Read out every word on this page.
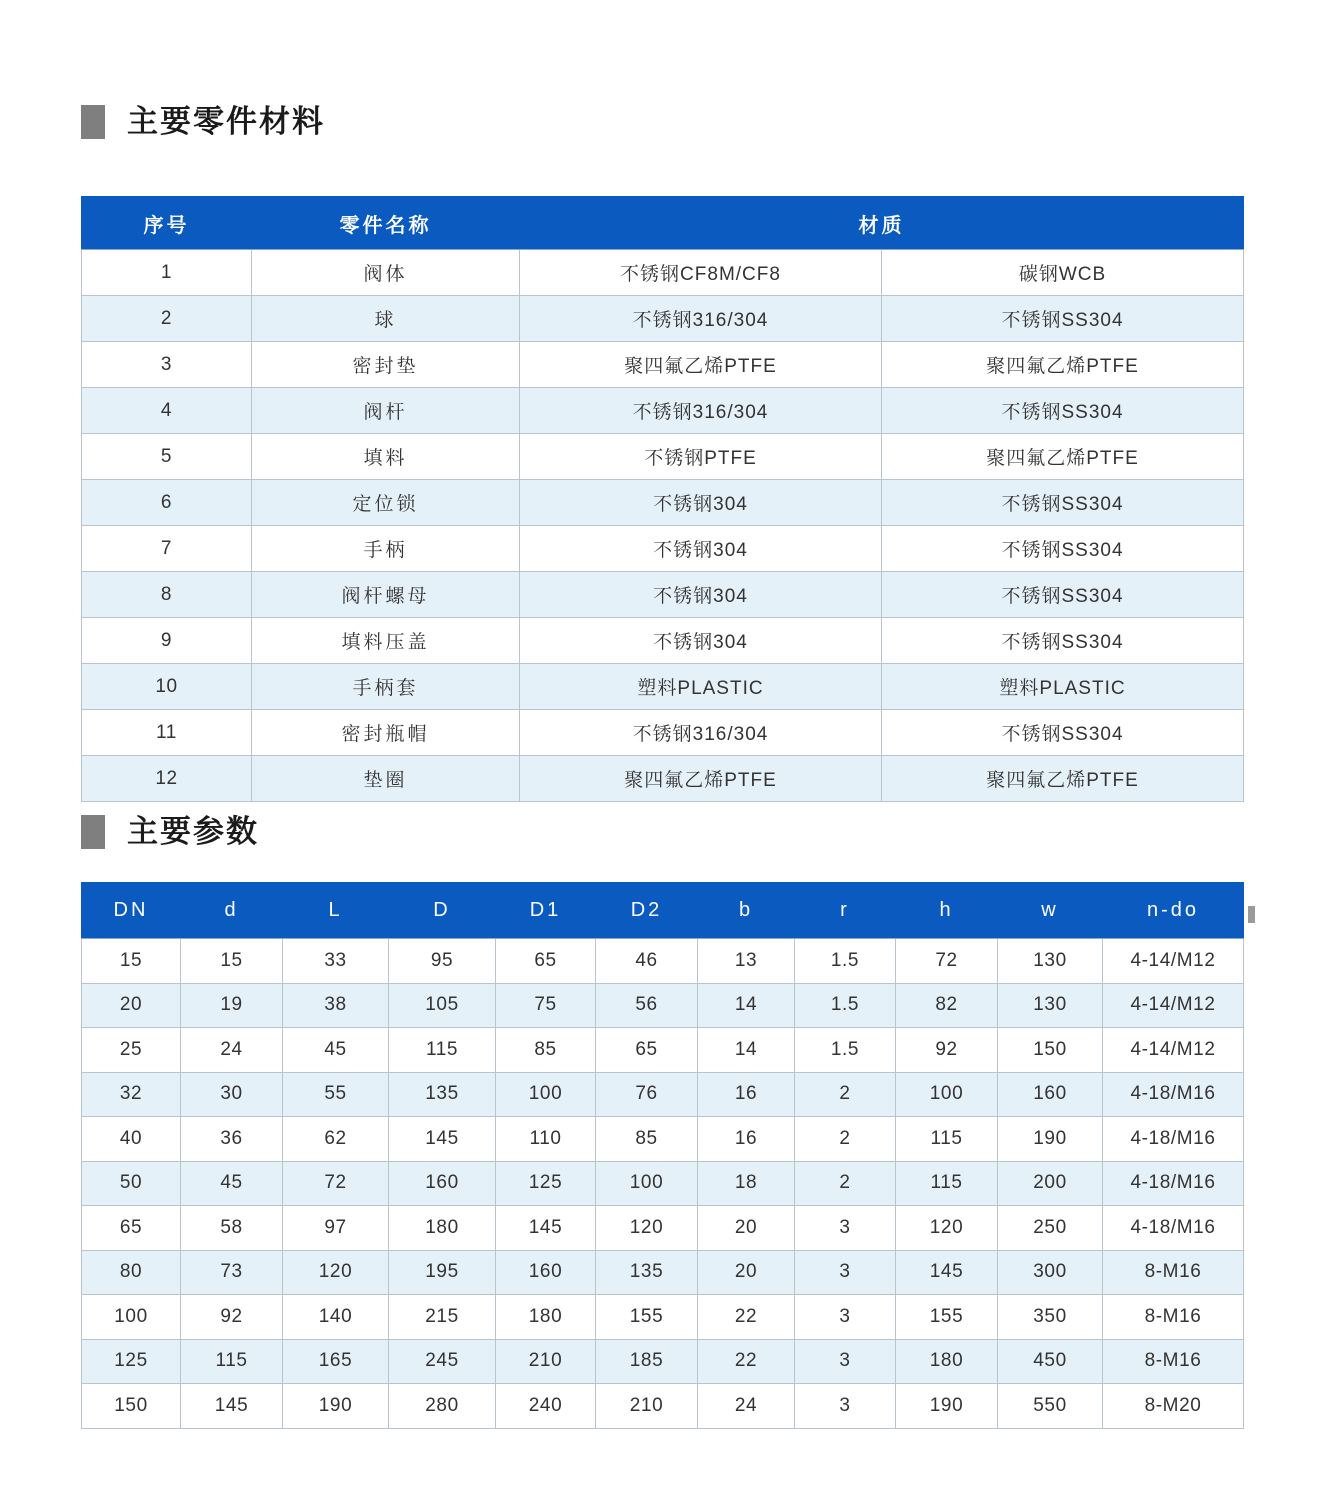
主要零件材料
序号	零件名称	材质	
1	阀体	不锈钢CF8M/CF8	碳钢WCB
2	球	不锈钢316/304	不锈钢SS304
3	密封垫	聚四氟乙烯PTFE	聚四氟乙烯PTFE
4	阀杆	不锈钢316/304	不锈钢SS304
5	填料	不锈钢PTFE	聚四氟乙烯PTFE
6	定位锁	不锈钢304	不锈钢SS304
7	手柄	不锈钢304	不锈钢SS304
8	阀杆螺母	不锈钢304	不锈钢SS304
9	填料压盖	不锈钢304	不锈钢SS304
10	手柄套	塑料PLASTIC	塑料PLASTIC
11	密封瓶帽	不锈钢316/304	不锈钢SS304
12	垫圈	聚四氟乙烯PTFE	聚四氟乙烯PTFE
主要参数
DN	d	L	D	D1	D2	b	r	h	w	n-do
15	15	33	95	65	46	13	1.5	72	130	4-14/M12
20	19	38	105	75	56	14	1.5	82	130	4-14/M12
25	24	45	115	85	65	14	1.5	92	150	4-14/M12
32	30	55	135	100	76	16	2	100	160	4-18/M16
40	36	62	145	110	85	16	2	115	190	4-18/M16
50	45	72	160	125	100	18	2	115	200	4-18/M16
65	58	97	180	145	120	20	3	120	250	4-18/M16
80	73	120	195	160	135	20	3	145	300	8-M16
100	92	140	215	180	155	22	3	155	350	8-M16
125	115	165	245	210	185	22	3	180	450	8-M16
150	145	190	280	240	210	24	3	190	550	8-M20
